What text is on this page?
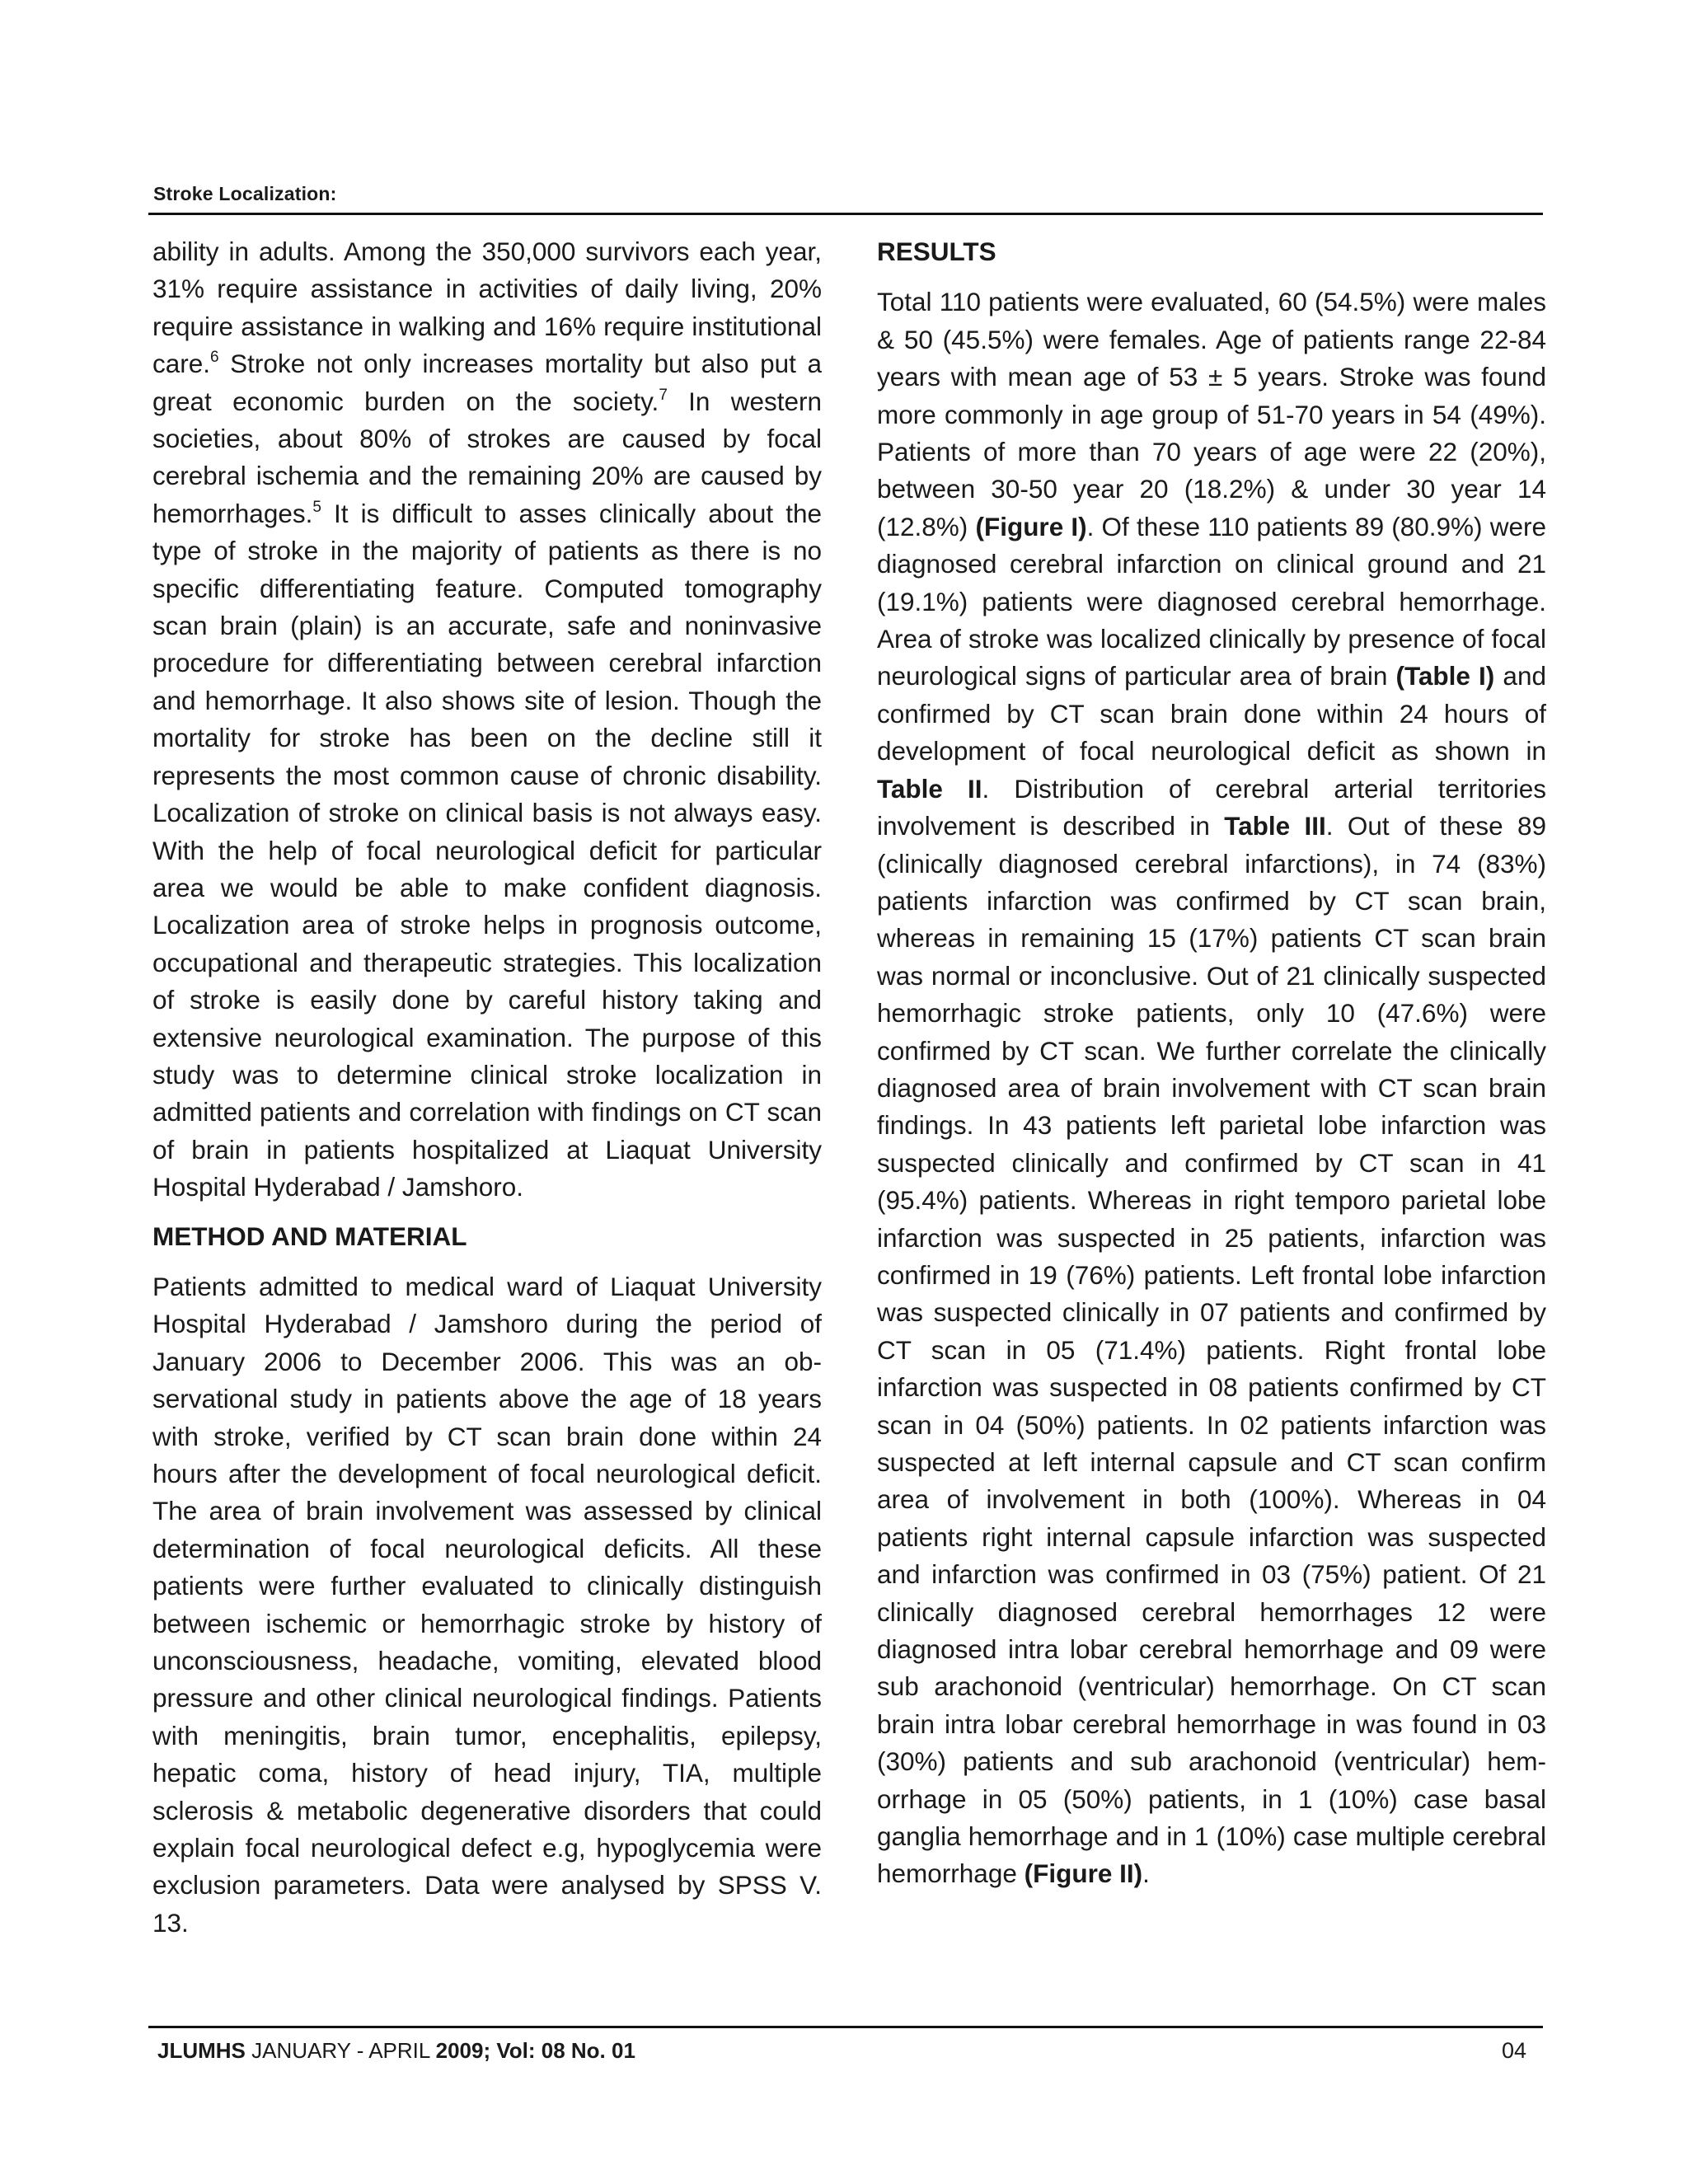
Stroke Localization:

ability in adults. Among the 350,000 survivors each year, 31% require assistance in activities of daily living, 20% require assistance in walking and 16% require institutional care.$^6$ Stroke not only increases mortality but also put a great economic burden on the society.$^7$ In western societies, about 80% of strokes are caused by focal cerebral ischemia and the remaining 20% are caused by hemorrhages.$^5$ It is difficult to asses clinically about the type of stroke in the majority of patients as there is no specific differentiating feature. Computed tomography scan brain (plain) is an accurate, safe and noninvasive procedure for differentiating between cerebral infarction and hemorrhage. It also shows site of lesion. Though the mortality for stroke has been on the decline still it represents the most common cause of chronic disability. Localization of stroke on clinical basis is not always easy. With the help of focal neurological deficit for particular area we would be able to make confident diagnosis. Localization area of stroke helps in prognosis outcome, occupational and therapeutic strategies. This localization of stroke is easily done by careful history taking and extensive neurological examination. The purpose of this study was to determine clinical stroke localization in admitted patients and correlation with findings on CT scan of brain in patients hospitalized at Liaquat University Hospital Hyderabad / Jamshoro.

METHOD AND MATERIAL

Patients admitted to medical ward of Liaquat University Hospital Hyderabad / Jamshoro during the period of January 2006 to December 2006. This was an observational study in patients above the age of 18 years with stroke, verified by CT scan brain done within 24 hours after the development of focal neurological deficit. The area of brain involvement was assessed by clinical determination of focal neurological deficits. All these patients were further evaluated to clinically distinguish between ischemic or hemorrhagic stroke by history of unconsciousness, headache, vomiting, elevated blood pressure and other clinical neurological findings. Patients with meningitis, brain tumor, encephalitis, epilepsy, hepatic coma, history of head injury, TIA, multiple sclerosis & metabolic degenerative disorders that could explain focal neurological defect e.g, hypoglycemia were exclusion parameters. Data were analysed by SPSS V. 13.

RESULTS

Total 110 patients were evaluated, 60 (54.5%) were males & 50 (45.5%) were females. Age of patients range 22-84 years with mean age of 53 ± 5 years. Stroke was found more commonly in age group of 51-70 years in 54 (49%). Patients of more than 70 years of age were 22 (20%), between 30-50 year 20 (18.2%) & under 30 year 14 (12.8%) (Figure I). Of these 110 patients 89 (80.9%) were diagnosed cerebral infarction on clinical ground and 21 (19.1%) patients were diagnosed cerebral hemorrhage. Area of stroke was localized clinically by presence of focal neurological signs of particular area of brain (Table I) and confirmed by CT scan brain done within 24 hours of development of focal neurological deficit as shown in Table II. Distribution of cerebral arterial territories involvement is described in Table III. Out of these 89 (clinically diagnosed cerebral infarctions), in 74 (83%) patients infarction was confirmed by CT scan brain, whereas in remaining 15 (17%) patients CT scan brain was normal or inconclusive. Out of 21 clinically suspected hemorrhagic stroke patients, only 10 (47.6%) were confirmed by CT scan. We further correlate the clinically diagnosed area of brain involvement with CT scan brain findings. In 43 patients left parietal lobe infarction was suspected clinically and confirmed by CT scan in 41 (95.4%) patients. Whereas in right temporo parietal lobe infarction was suspected in 25 patients, infarction was confirmed in 19 (76%) patients. Left frontal lobe infarction was suspected clinically in 07 patients and confirmed by CT scan in 05 (71.4%) patients. Right frontal lobe infarction was suspected in 08 patients confirmed by CT scan in 04 (50%) patients. In 02 patients infarction was suspected at left internal capsule and CT scan confirm area of involvement in both (100%). Whereas in 04 patients right internal capsule infarction was suspected and infarction was confirmed in 03 (75%) patient. Of 21 clinically diagnosed cerebral hemorrhages 12 were diagnosed intra lobar cerebral hemorrhage and 09 were sub arachonoid (ventricular) hemorrhage. On CT scan brain intra lobar cerebral hemorrhage in was found in 03 (30%) patients and sub arachonoid (ventricular) hemorrhage in 05 (50%) patients, in 1 (10%) case basal ganglia hemorrhage and in 1 (10%) case multiple cerebral hemorrhage (Figure II).

JLUMHS JANUARY - APRIL 2009; Vol: 08 No. 01	04
